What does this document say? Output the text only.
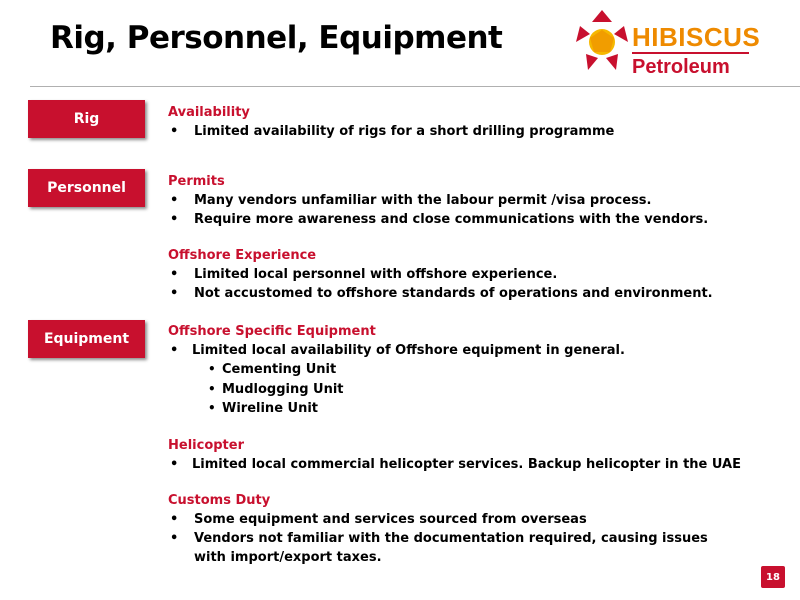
Rig, Personnel, Equipment	HIBISCUS
Petroleum
Rig
Personnel
Equipment
Availability
• Limited availability of rigs for a short drilling programme
Permits
• Many vendors unfamiliar with the labour permit /visa process.
• Require more awareness and close communications with the vendors.
Offshore Experience
• Limited local personnel with offshore experience.
• Not accustomed to offshore standards of operations and environment.
Offshore Specific Equipment
• Limited local availability of Offshore equipment in general.
• Cementing Unit
• Mudlogging Unit
• Wireline Unit
Helicopter
• Limited local commercial helicopter services. Backup helicopter in the UAE
Customs Duty
• Some equipment and services sourced from overseas
• Vendors not familiar with the documentation required, causing issues with import/export taxes.
18
